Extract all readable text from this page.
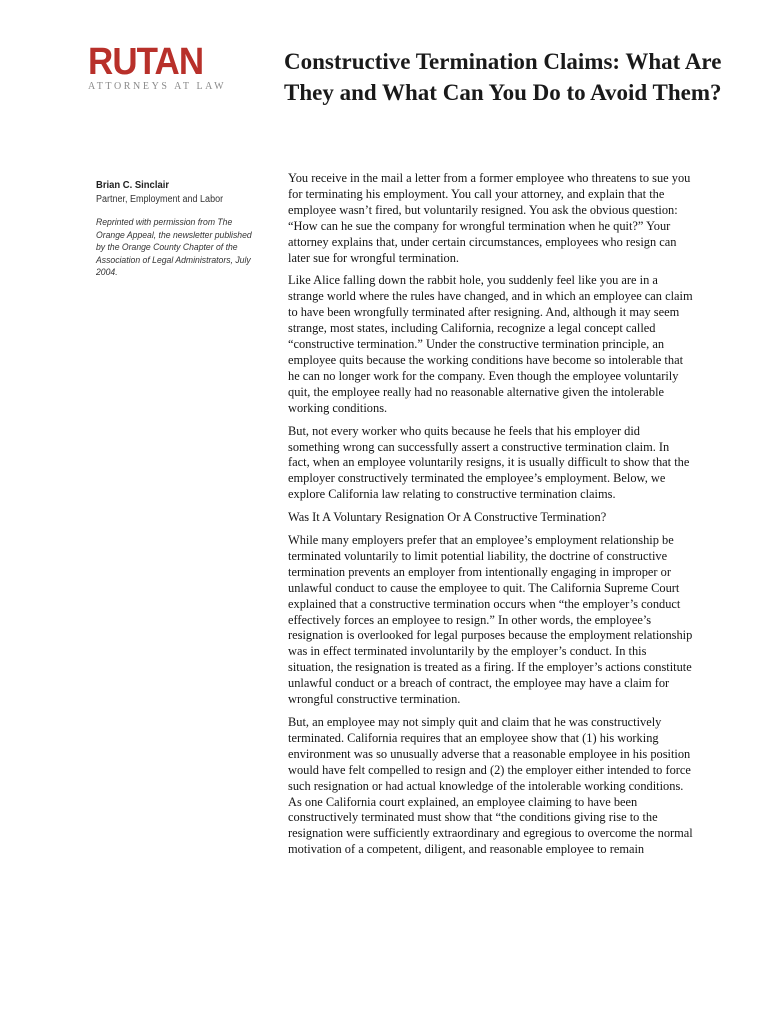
RUTAN
ATTORNEYS AT LAW
Constructive Termination Claims: What Are They and What Can You Do to Avoid Them?
Brian C. Sinclair
Partner, Employment and Labor
Reprinted with permission from The Orange Appeal, the newsletter published by the Orange County Chapter of the Association of Legal Administrators, July 2004.

You receive in the mail a letter from a former employee who threatens to sue you for terminating his employment. You call your attorney, and explain that the employee wasn’t fired, but voluntarily resigned. You ask the obvious question: “How can he sue the company for wrongful termination when he quit?” Your attorney explains that, under certain circumstances, employees who resign can later sue for wrongful termination.

Like Alice falling down the rabbit hole, you suddenly feel like you are in a strange world where the rules have changed, and in which an employee can claim to have been wrongfully terminated after resigning. And, although it may seem strange, most states, including California, recognize a legal concept called “constructive termination.” Under the constructive termination principle, an employee quits because the working conditions have become so intolerable that he can no longer work for the company. Even though the employee voluntarily quit, the employee really had no reasonable alternative given the intolerable working conditions.

But, not every worker who quits because he feels that his employer did something wrong can successfully assert a constructive termination claim. In fact, when an employee voluntarily resigns, it is usually difficult to show that the employer constructively terminated the employee’s employment. Below, we explore California law relating to constructive termination claims.

Was It A Voluntary Resignation Or A Constructive Termination?

While many employers prefer that an employee’s employment relationship be terminated voluntarily to limit potential liability, the doctrine of constructive termination prevents an employer from intentionally engaging in improper or unlawful conduct to cause the employee to quit. The California Supreme Court explained that a constructive termination occurs when “the employer’s conduct effectively forces an employee to resign.” In other words, the employee’s resignation is overlooked for legal purposes because the employment relationship was in effect terminated involuntarily by the employer’s conduct. In this situation, the resignation is treated as a firing. If the employer’s actions constitute unlawful conduct or a breach of contract, the employee may have a claim for wrongful constructive termination.

But, an employee may not simply quit and claim that he was constructively terminated. California requires that an employee show that (1) his working environment was so unusually adverse that a reasonable employee in his position would have felt compelled to resign and (2) the employer either intended to force such resignation or had actual knowledge of the intolerable working conditions. As one California court explained, an employee claiming to have been constructively terminated must show that “the conditions giving rise to the resignation were sufficiently extraordinary and egregious to overcome the normal motivation of a competent, diligent, and reasonable employee to remain
